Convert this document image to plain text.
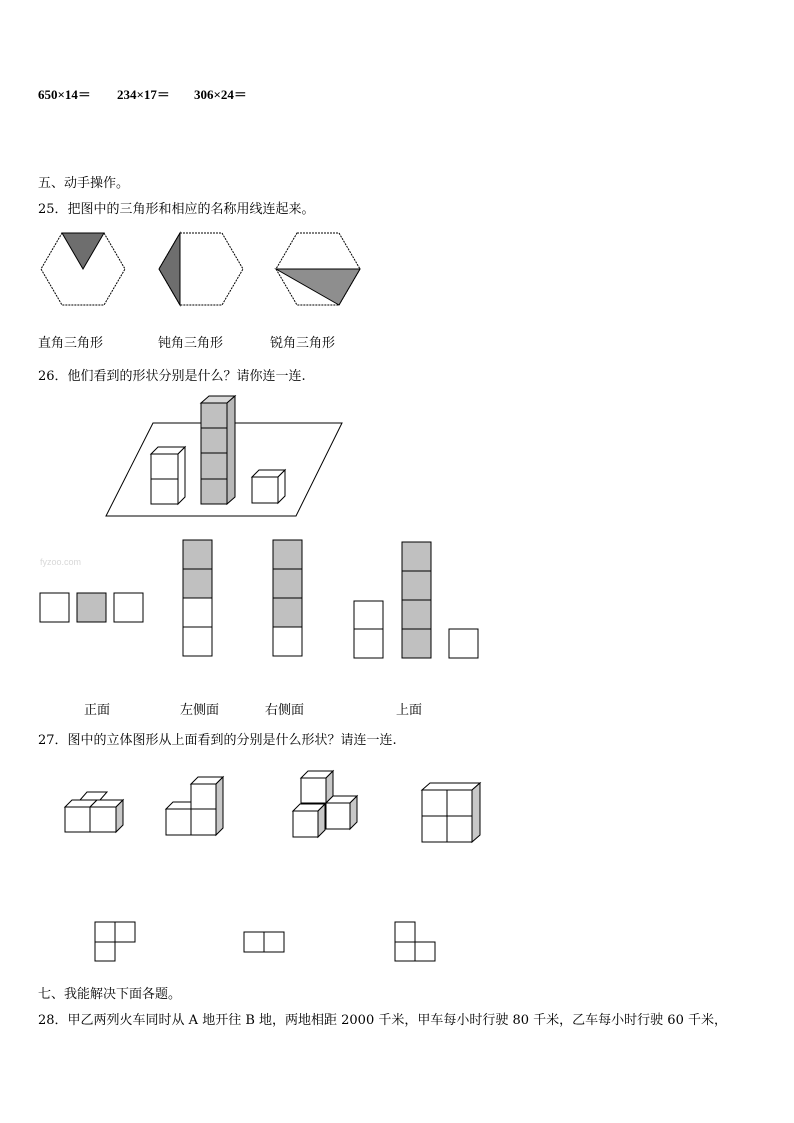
650×14＝ 234×17＝ 306×24＝
五、动手操作。
25．把图中的三角形和相应的名称用线连起来。
直角三角形	钝角三角形	锐角三角形
26．他们看到的形状分别是什么？请你连一连.
fyzoo.com
正面	左侧面	右侧面	上面
27．图中的立体图形从上面看到的分别是什么形状？请连一连.
七、我能解决下面各题。
28．甲乙两列火车同时从 A 地开往 B 地，两地相距 2000 千米，甲车每小时行驶 80 千米，乙车每小时行驶 60 千米，
